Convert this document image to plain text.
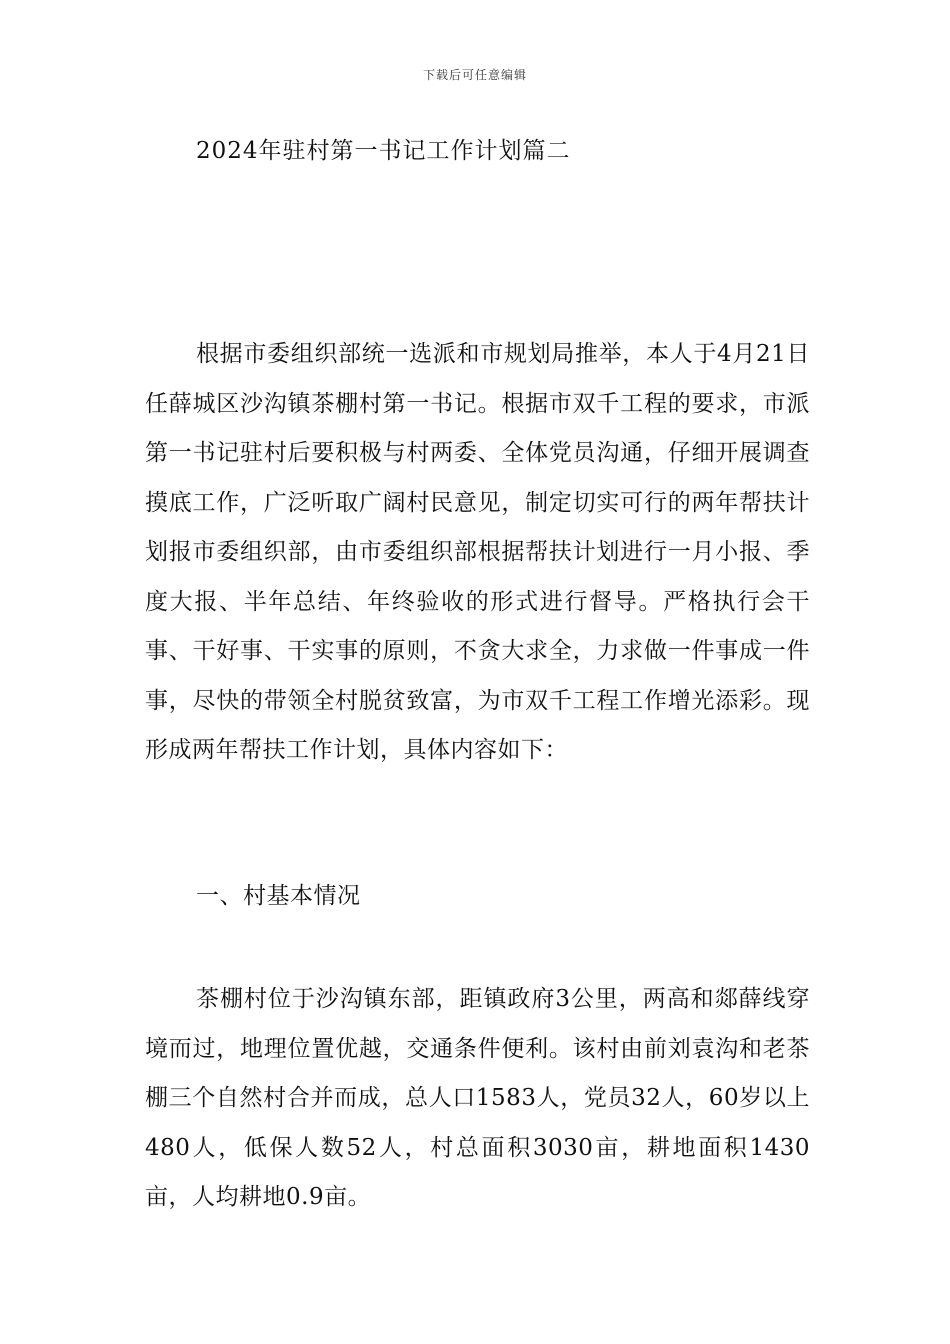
下载后可任意编辑
2024年驻村第一书记工作计划篇二

根据市委组织部统一选派和市规划局推举，本人于4月21日任薛城区沙沟镇茶棚村第一书记。根据市双千工程的要求，市派第一书记驻村后要积极与村两委、全体党员沟通，仔细开展调查摸底工作，广泛听取广阔村民意见，制定切实可行的两年帮扶计划报市委组织部，由市委组织部根据帮扶计划进行一月小报、季度大报、半年总结、年终验收的形式进行督导。严格执行会干事、干好事、干实事的原则，不贪大求全，力求做一件事成一件事，尽快的带领全村脱贫致富，为市双千工程工作增光添彩。现形成两年帮扶工作计划，具体内容如下：

一、村基本情况

茶棚村位于沙沟镇东部，距镇政府3公里，两高和郯薛线穿境而过，地理位置优越，交通条件便利。该村由前刘袁沟和老茶棚三个自然村合并而成，总人口1583人，党员32人，60岁以上480人，低保人数52人，村总面积3030亩，耕地面积1430亩，人均耕地0.9亩。
